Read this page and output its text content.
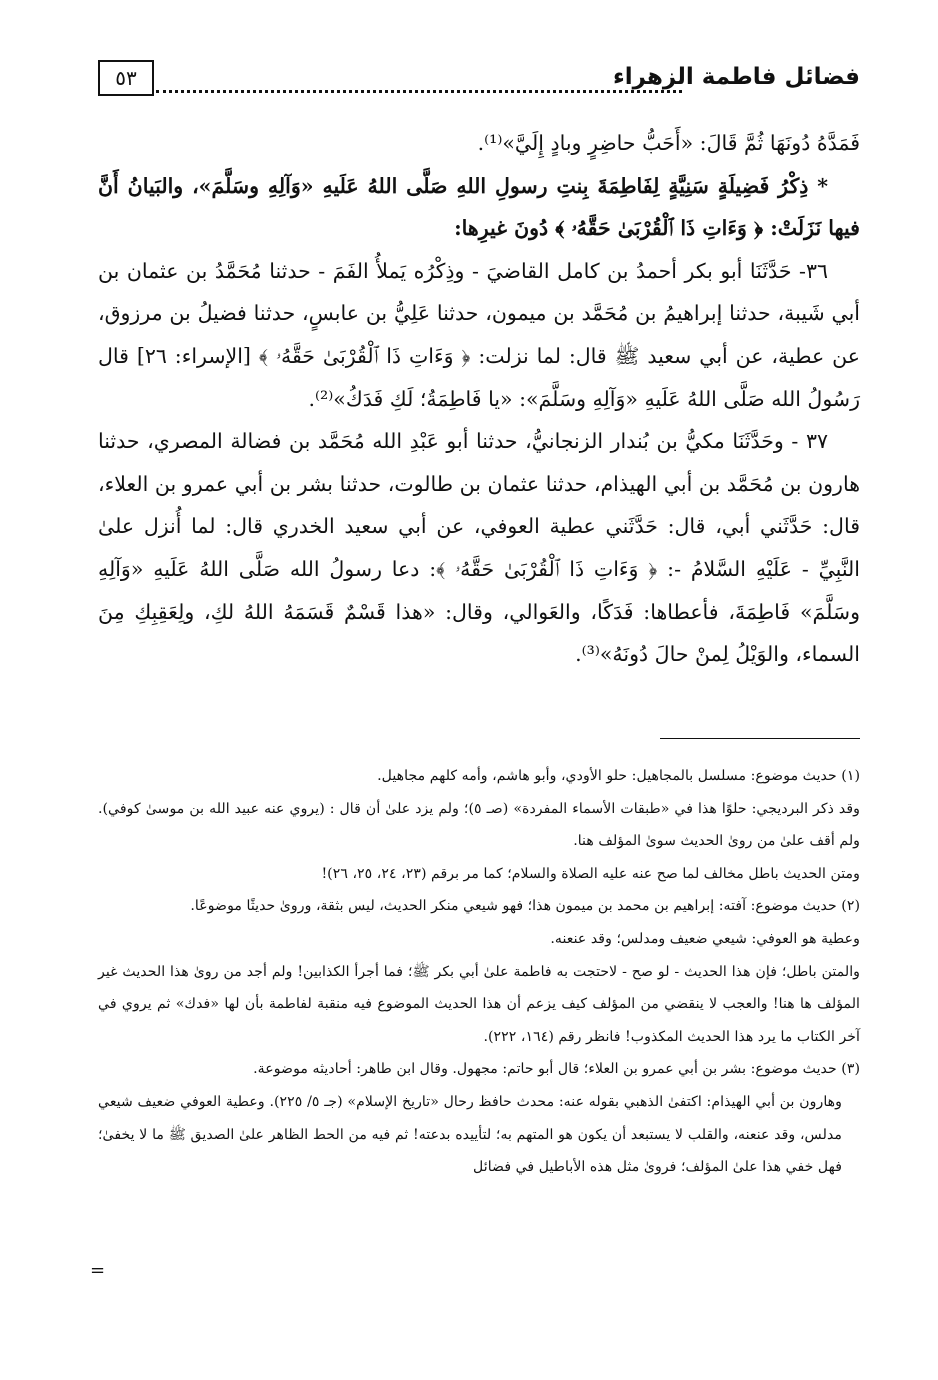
فضائل فاطمة الزهراء
٥٣

فَمَدَّهُ دُونَهَا ثُمَّ قَالَ: «أَحَبُّ حاضِرٍ وبادٍ إِلَيَّ»⁽¹⁾.

* ذِكْرُ فَضِيلَةٍ سَنِيَّةٍ لِفَاطِمَةَ بِنتِ رسولِ اللهِ صَلَّى اللهُ عَلَيهِ «وَآلِهِ وسَلَّمَ»، والبَيانُ أَنَّ فيها نَزَلَتْ: ﴿ وَءَاتِ ذَا ٱلْقُرْبَىٰ حَقَّهُۥ ﴾ دُونَ غيرِها:

٣٦- حَدَّثَنَا أبو بكر أحمدُ بن كامل القاضيَ - وذِكْرُه يَملأُ الفَمَ - حدثنا مُحَمَّدُ بن عثمان بن أبي شَيبة، حدثنا إبراهيمُ بن مُحَمَّد بن ميمون، حدثنا عَلِيُّ بن عابسٍ، حدثنا فضيلُ بن مرزوق، عن عطية، عن أبي سعيد ﷺ قال: لما نزلت: ﴿ وَءَاتِ ذَا ٱلْقُرْبَىٰ حَقَّهُۥ ﴾ [الإسراء: ٢٦] قال رَسُولُ الله صَلَّى اللهُ عَلَيهِ «وَآلِهِ وسَلَّمَ»: «يا فَاطِمَةُ؛ لَكِ فَدَكُ»⁽²⁾.

٣٧ - وحَدَّثَنَا مكيُّ بن بُندار الزنجانيُّ، حدثنا أبو عَبْدِ الله مُحَمَّد بن فضالة المصري، حدثنا هارون بن مُحَمَّد بن أبي الهيذام، حدثنا عثمان بن طالوت، حدثنا بشر بن أبي عمرو بن العلاء، قال: حَدَّثَني أبي، قال: حَدَّثَني عطية العوفي، عن أبي سعيد الخدري قال: لما أُنزل علىٰ النَّبِيِّ - عَلَيْهِ السَّلامُ -: ﴿ وَءَاتِ ذَا ٱلْقُرْبَىٰ حَقَّهُۥ ﴾: دعا رسولُ الله صَلَّى اللهُ عَلَيهِ «وَآلِهِ وسَلَّمَ» فَاطِمَةَ، فأعطاها: فَدَكًا، والعَوالي، وقال: «هذا قَسْمٌ قَسَمَهُ اللهُ لكِ، ولِعَقِبِكِ مِنَ السماء، والوَيْلُ لِمنْ حالَ دُونَهُ»⁽³⁾.

(١) حديث موضوع: مسلسل بالمجاهيل: حلو الأودي، وأبو هاشم، وأمه كلهم مجاهيل.

وقد ذكر البرديجي: حلوًا هذا في «طبقات الأسماء المفردة» (صـ ٥)؛ ولم يزد علىٰ أن قال : (يروي عنه عبيد الله بن موسىٰ كوفي). ولم أقف علىٰ من روىٰ الحديث سوىٰ المؤلف هنا.

ومتن الحديث باطل مخالف لما صح عنه عليه الصلاة والسلام؛ كما مر برقم (٢٣، ٢٤، ٢٥، ٢٦)!

(٢) حديث موضوع: آفته: إبراهيم بن محمد بن ميمون هذا؛ فهو شيعي منكر الحديث، ليس بثقة، وروىٰ حديثًا موضوعًا.

وعطية هو العوفي: شيعي ضعيف ومدلس؛ وقد عنعنه.

والمتن باطل؛ فإن هذا الحديث - لو صح - لاحتجت به فاطمة علىٰ أبي بكر ﷺ؛ فما أجرأ الكذابين! ولم أجد من روىٰ هذا الحديث غير المؤلف ها هنا! والعجب لا ينقضي من المؤلف كيف يزعم أن هذا الحديث الموضوع فيه منقبة لفاطمة بأن لها «فدك» ثم يروي في آخر الكتاب ما يرد هذا الحديث المكذوب! فانظر رقم (١٦٤، ٢٢٢).

(٣) حديث موضوع: بشر بن أبي عمرو بن العلاء؛ قال أبو حاتم: مجهول. وقال ابن طاهر: أحاديثه موضوعة.

وهارون بن أبي الهيذام: اكتفىٰ الذهبي بقوله عنه: محدث حافظ رحال «تاريخ الإسلام» (جـ ٥/ ٢٢٥). وعطية العوفي ضعيف شيعي مدلس، وقد عنعنه، والقلب لا يستبعد أن يكون هو المتهم به؛ لتأييده بدعته! ثم فيه من الحط الظاهر علىٰ الصديق ﷺ ما لا يخفىٰ؛ فهل خفي هذا علىٰ المؤلف؛ فروىٰ مثل هذه الأباطيل في فضائل

=
